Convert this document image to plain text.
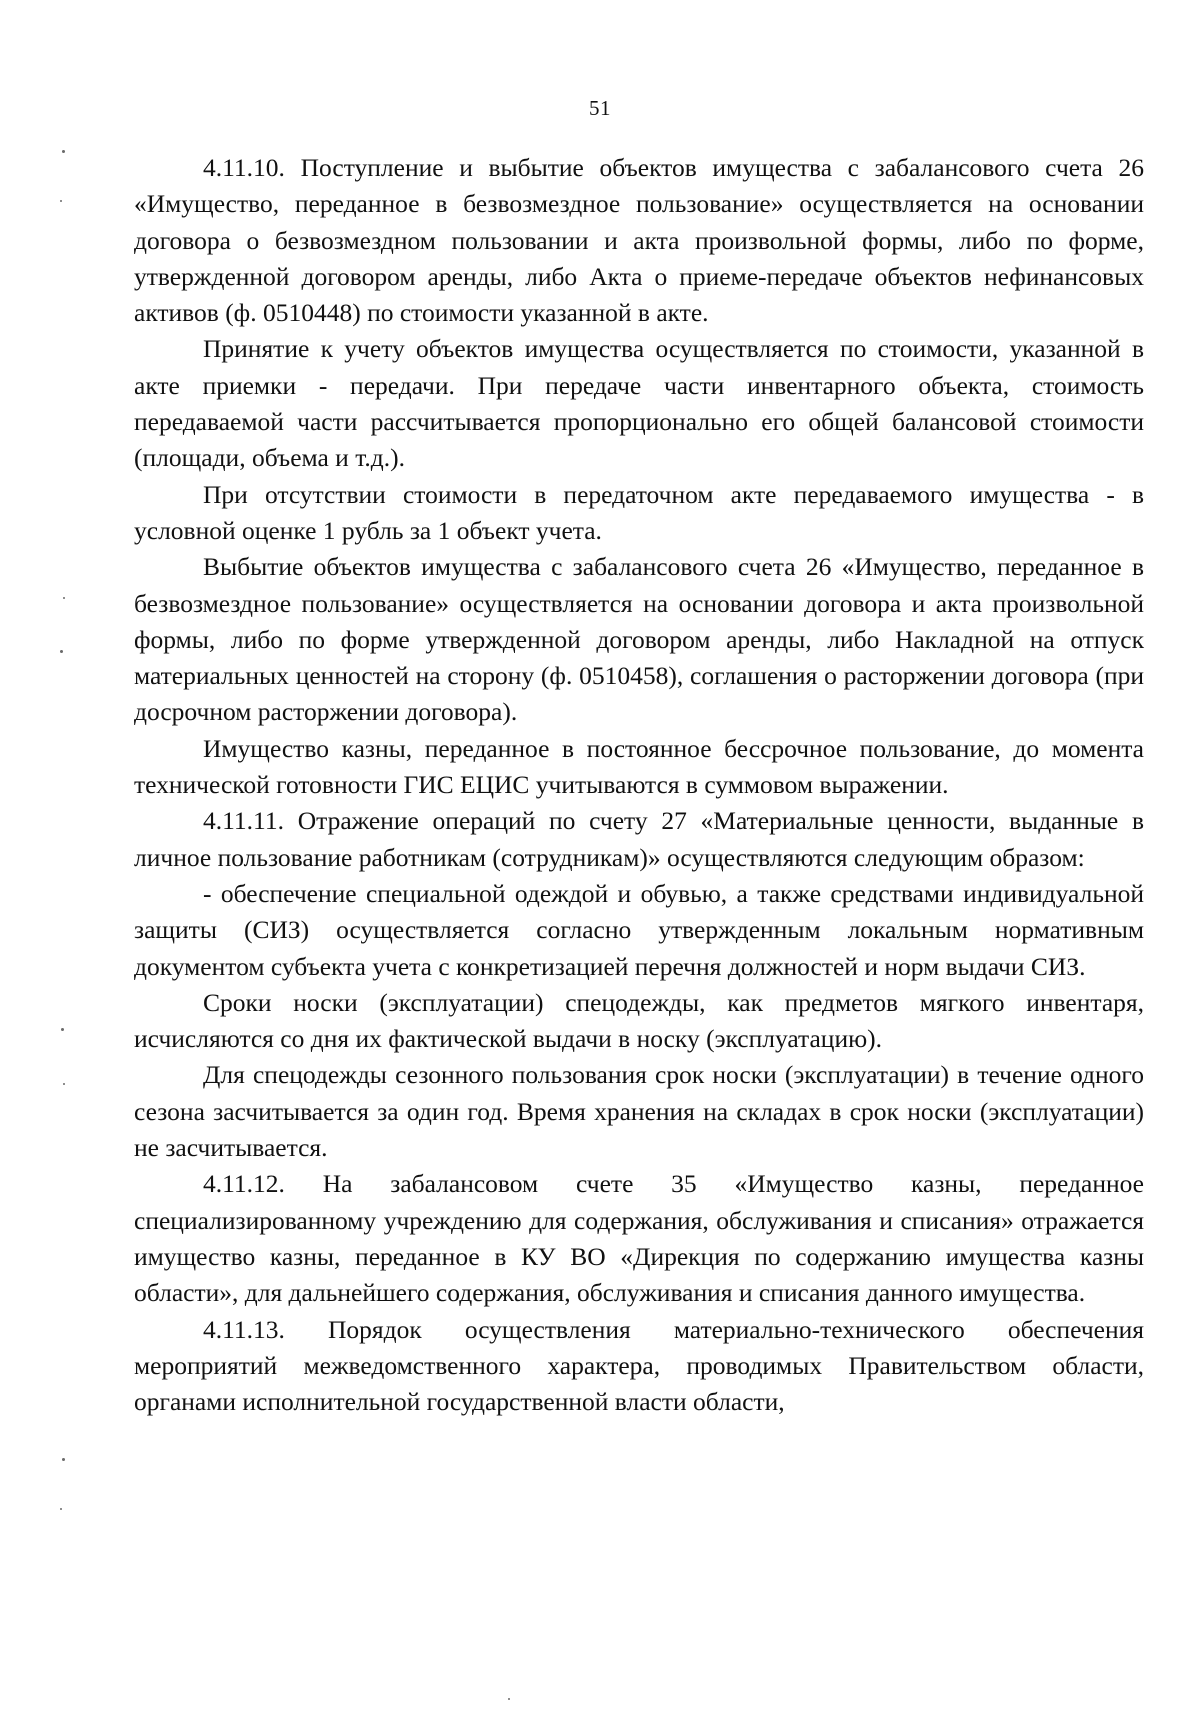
51

4.11.10. Поступление и выбытие объектов имущества с забалансового счета 26 «Имущество, переданное в безвозмездное пользование» осуществляется на основании договора о безвозмездном пользовании и акта произвольной формы, либо по форме, утвержденной договором аренды, либо Акта о приеме-передаче объектов нефинансовых активов (ф. 0510448) по стоимости указанной в акте.

Принятие к учету объектов имущества осуществляется по стоимости, указанной в акте приемки - передачи. При передаче части инвентарного объекта, стоимость передаваемой части рассчитывается пропорционально его общей балансовой стоимости (площади, объема и т.д.).

При отсутствии стоимости в передаточном акте передаваемого имущества - в условной оценке 1 рубль за 1 объект учета.

Выбытие объектов имущества с забалансового счета 26 «Имущество, переданное в безвозмездное пользование» осуществляется на основании договора и акта произвольной формы, либо по форме утвержденной договором аренды, либо Накладной на отпуск материальных ценностей на сторону (ф. 0510458), соглашения о расторжении договора (при досрочном расторжении договора).

Имущество казны, переданное в постоянное бессрочное пользование, до момента технической готовности ГИС ЕЦИС учитываются в суммовом выражении.

4.11.11. Отражение операций по счету 27 «Материальные ценности, выданные в личное пользование работникам (сотрудникам)» осуществляются следующим образом:

- обеспечение специальной одеждой и обувью, а также средствами индивидуальной защиты (СИЗ) осуществляется согласно утвержденным локальным нормативным документом субъекта учета с конкретизацией перечня должностей и норм выдачи СИЗ.

Сроки носки (эксплуатации) спецодежды, как предметов мягкого инвентаря, исчисляются со дня их фактической выдачи в носку (эксплуатацию).

Для спецодежды сезонного пользования срок носки (эксплуатации) в течение одного сезона засчитывается за один год. Время хранения на складах в срок носки (эксплуатации) не засчитывается.

4.11.12. На забалансовом счете 35 «Имущество казны, переданное специализированному учреждению для содержания, обслуживания и списания» отражается имущество казны, переданное в КУ ВО «Дирекция по содержанию имущества казны области», для дальнейшего содержания, обслуживания и списания данного имущества.

4.11.13. Порядок осуществления материально-технического обеспечения мероприятий межведомственного характера, проводимых Правительством области, органами исполнительной государственной власти области,
